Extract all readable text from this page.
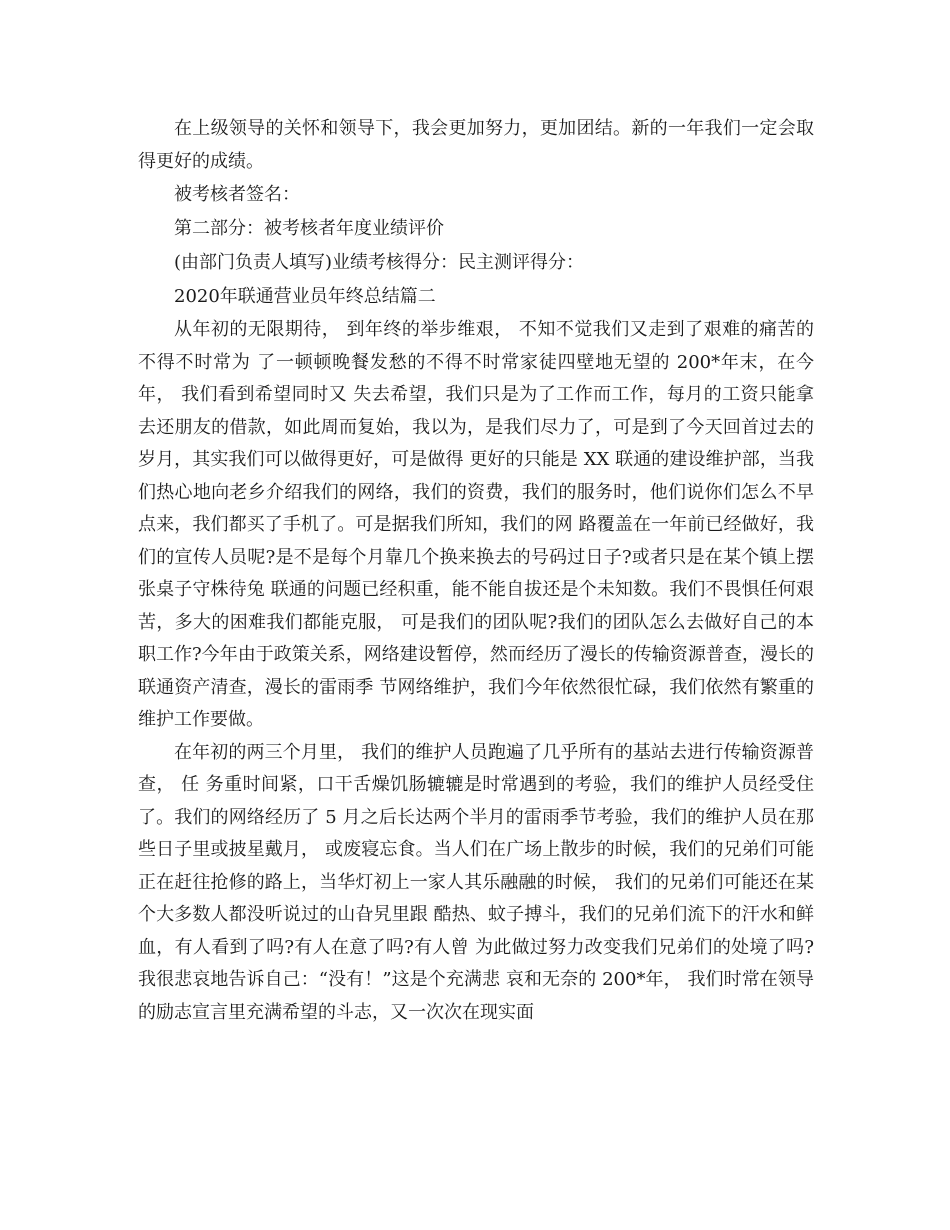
在上级领导的关怀和领导下，我会更加努力，更加团结。新的一年我们一定会取得更好的成绩。

被考核者签名：

第二部分：被考核者年度业绩评价

(由部门负责人填写)业绩考核得分：民主测评得分：

2020年联通营业员年终总结篇二

从年初的无限期待， 到年终的举步维艰， 不知不觉我们又走到了艰难的痛苦的不得不时常为 了一顿顿晚餐发愁的不得不时常家徒四壁地无望的 200*年末，在今年， 我们看到希望同时又 失去希望，我们只是为了工作而工作，每月的工资只能拿去还朋友的借款，如此周而复始，我以为，是我们尽力了，可是到了今天回首过去的岁月，其实我们可以做得更好，可是做得 更好的只能是 XX 联通的建设维护部，当我们热心地向老乡介绍我们的网络，我们的资费，我们的服务时，他们说你们怎么不早点来，我们都买了手机了。可是据我们所知，我们的网 路覆盖在一年前已经做好，我们的宣传人员呢?是不是每个月靠几个换来换去的号码过日子?或者只是在某个镇上摆张桌子守株待兔 联通的问题已经积重，能不能自拔还是个未知数。我们不畏惧任何艰苦，多大的困难我们都能克服， 可是我们的团队呢?我们的团队怎么去做好自己的本职工作?今年由于政策关系，网络建设暂停，然而经历了漫长的传输资源普查，漫长的联通资产清查，漫长的雷雨季 节网络维护，我们今年依然很忙碌，我们依然有繁重的维护工作要做。

在年初的两三个月里， 我们的维护人员跑遍了几乎所有的基站去进行传输资源普查， 任 务重时间紧，口干舌燥饥肠辘辘是时常遇到的考验，我们的维护人员经受住了。我们的网络经历了 5 月之后长达两个半月的雷雨季节考验，我们的维护人员在那些日子里或披星戴月， 或废寝忘食。当人们在广场上散步的时候，我们的兄弟们可能正在赶往抢修的路上，当华灯初上一家人其乐融融的时候， 我们的兄弟们可能还在某个大多数人都没听说过的山旮旯里跟 酷热、蚊子搏斗，我们的兄弟们流下的汗水和鲜血，有人看到了吗?有人在意了吗?有人曾 为此做过努力改变我们兄弟们的处境了吗?我很悲哀地告诉自己：“没有！”这是个充满悲 哀和无奈的 200*年， 我们时常在领导的励志宣言里充满希望的斗志，又一次次在现实面
